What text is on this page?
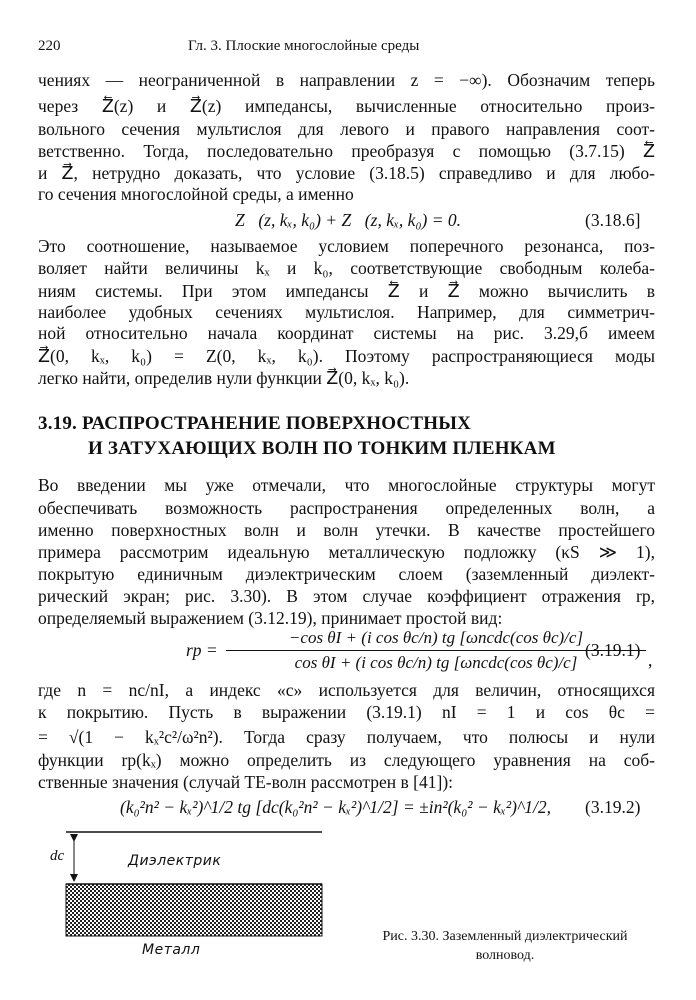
220	Гл. 3. Плоские многослойные среды
чениях — неограниченной в направлении z = −∞). Обозначим теперь
через Z⃖(z) и Z⃗(z) импедансы, вычисленные относительно произ-
вольного сечения мультислоя для левого и правого направления соот-
ветственно. Тогда, последовательно преобразуя с помощью (3.7.15) Z⃖
и Z⃗, нетрудно доказать, что условие (3.18.5) справедливо и для любо-
го сечения многослойной среды, а именно
Z⃖(z, kₓ, k₀) + Z⃗(z, kₓ, k₀) = 0.	(3.18.6]
Это соотношение, называемое условием поперечного резонанса, поз-
воляет найти величины kₓ и k₀, соответствующие свободным колеба-
ниям системы. При этом импедансы Z⃖ и Z⃗ можно вычислить в
наиболее удобных сечениях мультислоя. Например, для симметрич-
ной относительно начала координат системы на рис. 3.29,б имеем
Z⃗(0, kₓ, k₀) = Z(0, kₓ, k₀). Поэтому распространяющиеся моды
легко найти, определив нули функции Z⃗(0, kₓ, k₀).
3.19. РАСПРОСТРАНЕНИЕ ПОВЕРХНОСТНЫХ
И ЗАТУХАЮЩИХ ВОЛН ПО ТОНКИМ ПЛЕНКАМ
Во введении мы уже отмечали, что многослойные структуры могут
обеспечивать возможность распространения определенных волн, а
именно поверхностных волн и волн утечки. В качестве простейшего
примера рассмотрим идеальную металлическую подложку (κS ≫ 1),
покрытую единичным диэлектрическим слоем (заземленный диэлект-
рический экран; рис. 3.30). В этом случае коэффициент отражения rp,
определяемый выражением (3.12.19), принимает простой вид:
rp =
−cos θI + (i cos θc/n) tg [ωncdc(cos θc)/c]
cos θI + (i cos θc/n) tg [ωncdc(cos θc)/c]	,
(3.19.1)
где n = nc/nI, а индекс «с» используется для величин, относящихся
к покрытию. Пусть в выражении (3.19.1) nI = 1 и cos θc =
= √(1 − kₓ²c²/ω²n²). Тогда сразу получаем, что полюсы и нули
функции rp(kₓ) можно определить из следующего уравнения на соб-
ственные значения (случай ТЕ-волн рассмотрен в [41]):
(k₀²n² − kₓ²)^1/2 tg [dc(k₀²n² − kₓ²)^1/2] = ±in²(k₀² − kₓ²)^1/2, (3.19.2)
dc	Диэлектрик
Металл
Рис. 3.30. Заземленный диэлектрический
волновод.
